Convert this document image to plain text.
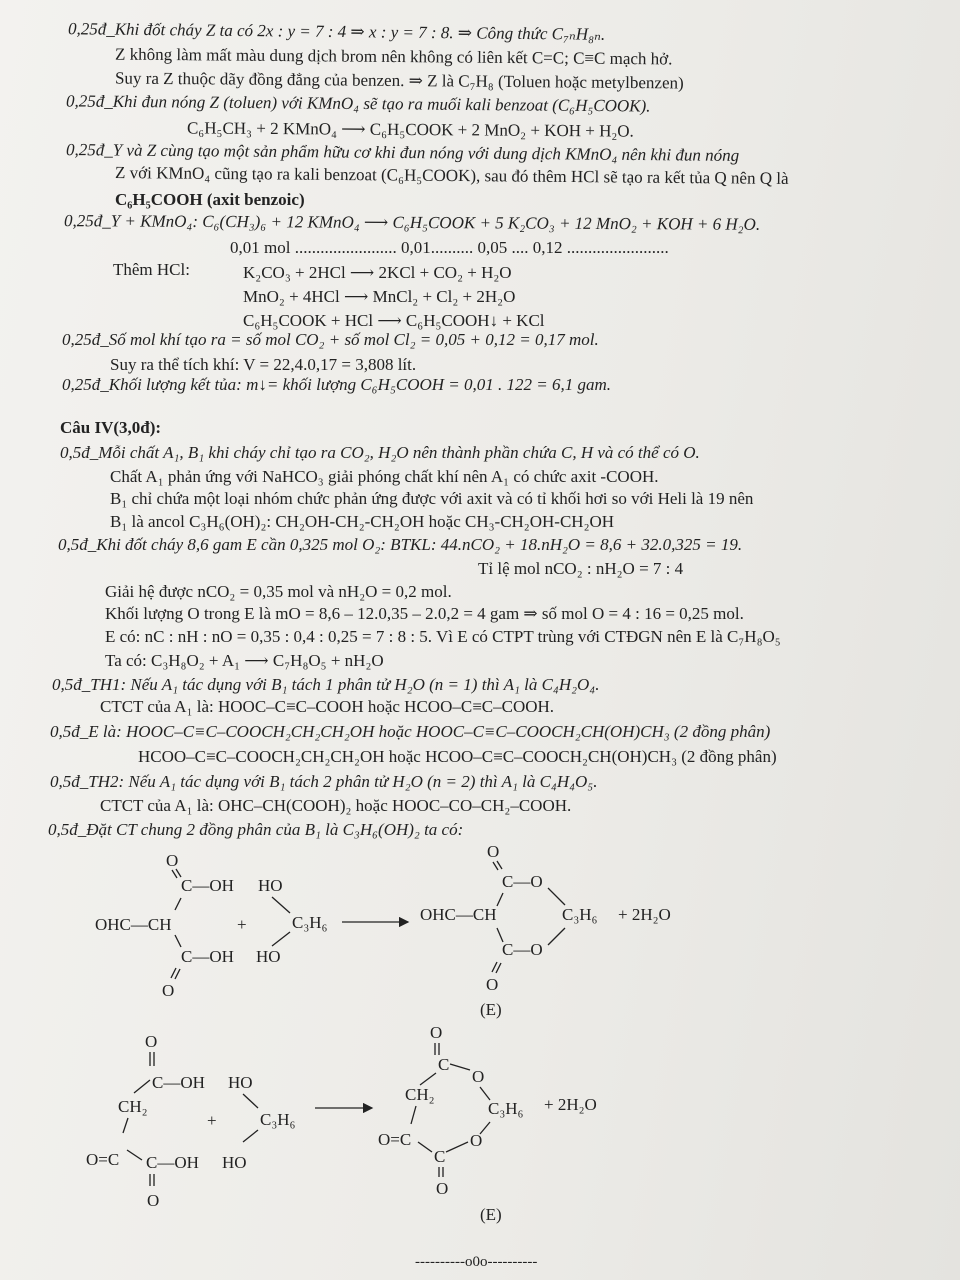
0,25đ_Khi đốt cháy Z ta có 2x : y = 7 : 4 ⇒ x : y = 7 : 8. ⇒ Công thức C₇ₙH₈ₙ.
Z không làm mất màu dung dịch brom nên không có liên kết C=C; C≡C mạch hở.
Suy ra Z thuộc dãy đồng đẳng của benzen. ⇒ Z là C₇H₈ (Toluen hoặc metylbenzen)
0,25đ_Khi đun nóng Z (toluen) với KMnO₄ sẽ tạo ra muối kali benzoat (C₆H₅COOK).
C₆H₅CH₃ + 2 KMnO₄ ⟶ C₆H₅COOK + 2 MnO₂ + KOH + H₂O.
0,25đ_Y và Z cùng tạo một sản phẩm hữu cơ khi đun nóng với dung dịch KMnO₄ nên khi đun nóng
Z với KMnO₄ cũng tạo ra kali benzoat (C₆H₅COOK), sau đó thêm HCl sẽ tạo ra kết tủa Q nên Q là
C₆H₅COOH (axit benzoic)
0,25đ_Y + KMnO₄: C₆(CH₃)₆ + 12 KMnO₄ ⟶ C₆H₅COOK + 5 K₂CO₃ + 12 MnO₂ + KOH + 6 H₂O.
0,01 mol ........................ 0,01.......... 0,05 .... 0,12 ........................
Thêm HCl:	K₂CO₃ + 2HCl ⟶ 2KCl + CO₂ + H₂O
MnO₂ + 4HCl ⟶ MnCl₂ + Cl₂ + 2H₂O
C₆H₅COOK + HCl ⟶ C₆H₅COOH↓ + KCl
0,25đ_Số mol khí tạo ra = số mol CO₂ + số mol Cl₂ = 0,05 + 0,12 = 0,17 mol.
Suy ra thể tích khí: V = 22,4.0,17 = 3,808 lít.
0,25đ_Khối lượng kết tủa: m↓= khối lượng C₆H₅COOH = 0,01 . 122 = 6,1 gam.
Câu IV(3,0đ):
0,5đ_Mỗi chất A₁, B₁ khi cháy chỉ tạo ra CO₂, H₂O nên thành phần chứa C, H và có thể có O.
Chất A₁ phản ứng với NaHCO₃ giải phóng chất khí nên A₁ có chức axit -COOH.
B₁ chỉ chứa một loại nhóm chức phản ứng được với axit và có tỉ khối hơi so với Heli là 19 nên
B₁ là ancol C₃H₆(OH)₂: CH₂OH-CH₂-CH₂OH hoặc CH₃-CH₂OH-CH₂OH
0,5đ_Khi đốt cháy 8,6 gam E cần 0,325 mol O₂: BTKL: 44.nCO₂ + 18.nH₂O = 8,6 + 32.0,325 = 19.
Tỉ lệ mol nCO₂ : nH₂O = 7 : 4
Giải hệ được nCO₂ = 0,35 mol và nH₂O = 0,2 mol.
Khối lượng O trong E là mO = 8,6 – 12.0,35 – 2.0,2 = 4 gam ⇒ số mol O = 4 : 16 = 0,25 mol.
E có: nC : nH : nO = 0,35 : 0,4 : 0,25 = 7 : 8 : 5. Vì E có CTPT trùng với CTĐGN nên E là C₇H₈O₅
Ta có: C₃H₈O₂ + A₁ ⟶ C₇H₈O₅ + nH₂O
0,5đ_TH1: Nếu A₁ tác dụng với B₁ tách 1 phân tử H₂O (n = 1) thì A₁ là C₄H₂O₄.
CTCT của A₁ là: HOOC–C≡C–COOH hoặc HCOO–C≡C–COOH.
0,5đ_E là: HOOC–C≡C–COOCH₂CH₂CH₂OH hoặc HOOC–C≡C–COOCH₂CH(OH)CH₃ (2 đồng phân)
HCOO–C≡C–COOCH₂CH₂CH₂OH hoặc HCOO–C≡C–COOCH₂CH(OH)CH₃ (2 đồng phân)
0,5đ_TH2: Nếu A₁ tác dụng với B₁ tách 2 phân tử H₂O (n = 2) thì A₁ là C₄H₄O₅.
CTCT của A₁ là: OHC–CH(COOH)₂ hoặc HOOC–CO–CH₂–COOH.
0,5đ_Đặt CT chung 2 đồng phân của B₁ là C₃H₆(OH)₂ ta có:
O
C—OH HO
OHC—CH	+	C₃H₆
C—OH HO
O
O
C—O
OHC—CH	C₃H₆ + 2H₂O
C—O
O
(E)
O
C—OH HO
CH₂
+	C₃H₆
O=C C—OH HO
O
O
C
O
CH₂
C₃H₆ + 2H₂O
O=C	O
C
O
(E)
----------o0o----------
